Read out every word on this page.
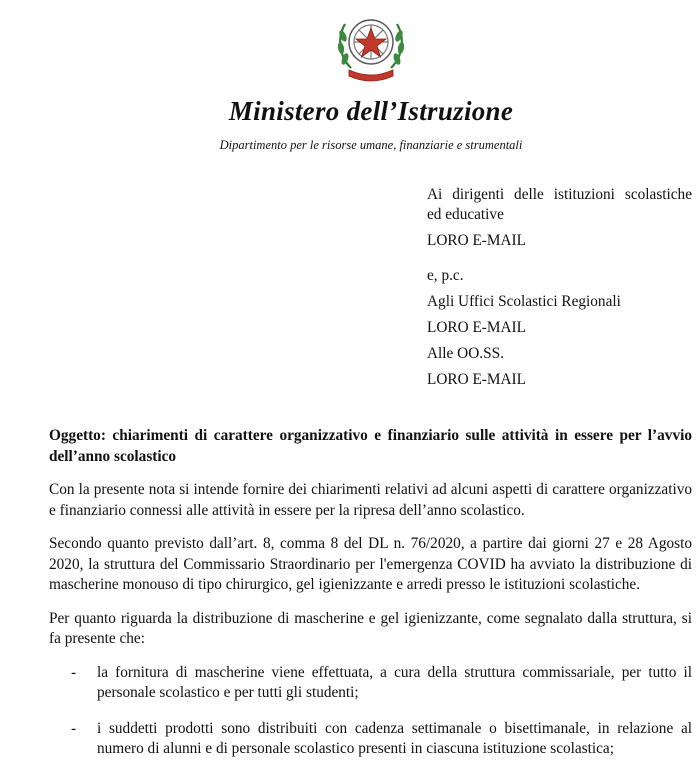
Ministero dell’Istruzione
Dipartimento per le risorse umane, finanziarie e strumentali

Ai dirigenti delle istituzioni scolastiche

ed educative

LORO E-MAIL

e, p.c.

Agli Uffici Scolastici Regionali

LORO E-MAIL

Alle OO.SS.

LORO E-MAIL

Oggetto: chiarimenti di carattere organizzativo e finanziario sulle attività in essere per l’avvio dell’anno scolastico

Con la presente nota si intende fornire dei chiarimenti relativi ad alcuni aspetti di carattere organizzativo e finanziario connessi alle attività in essere per la ripresa dell’anno scolastico.

Secondo quanto previsto dall’art. 8, comma 8 del DL n. 76/2020, a partire dai giorni 27 e 28 Agosto 2020, la struttura del Commissario Straordinario per l'emergenza COVID ha avviato la distribuzione di mascherine monouso di tipo chirurgico, gel igienizzante e arredi presso le istituzioni scolastiche.

Per quanto riguarda la distribuzione di mascherine e gel igienizzante, come segnalato dalla struttura, si fa presente che:

- la fornitura di mascherine viene effettuata, a cura della struttura commissariale, per tutto il personale scolastico e per tutti gli studenti;
- i suddetti prodotti sono distribuiti con cadenza settimanale o bisettimanale, in relazione al numero di alunni e di personale scolastico presenti in ciascuna istituzione scolastica;
